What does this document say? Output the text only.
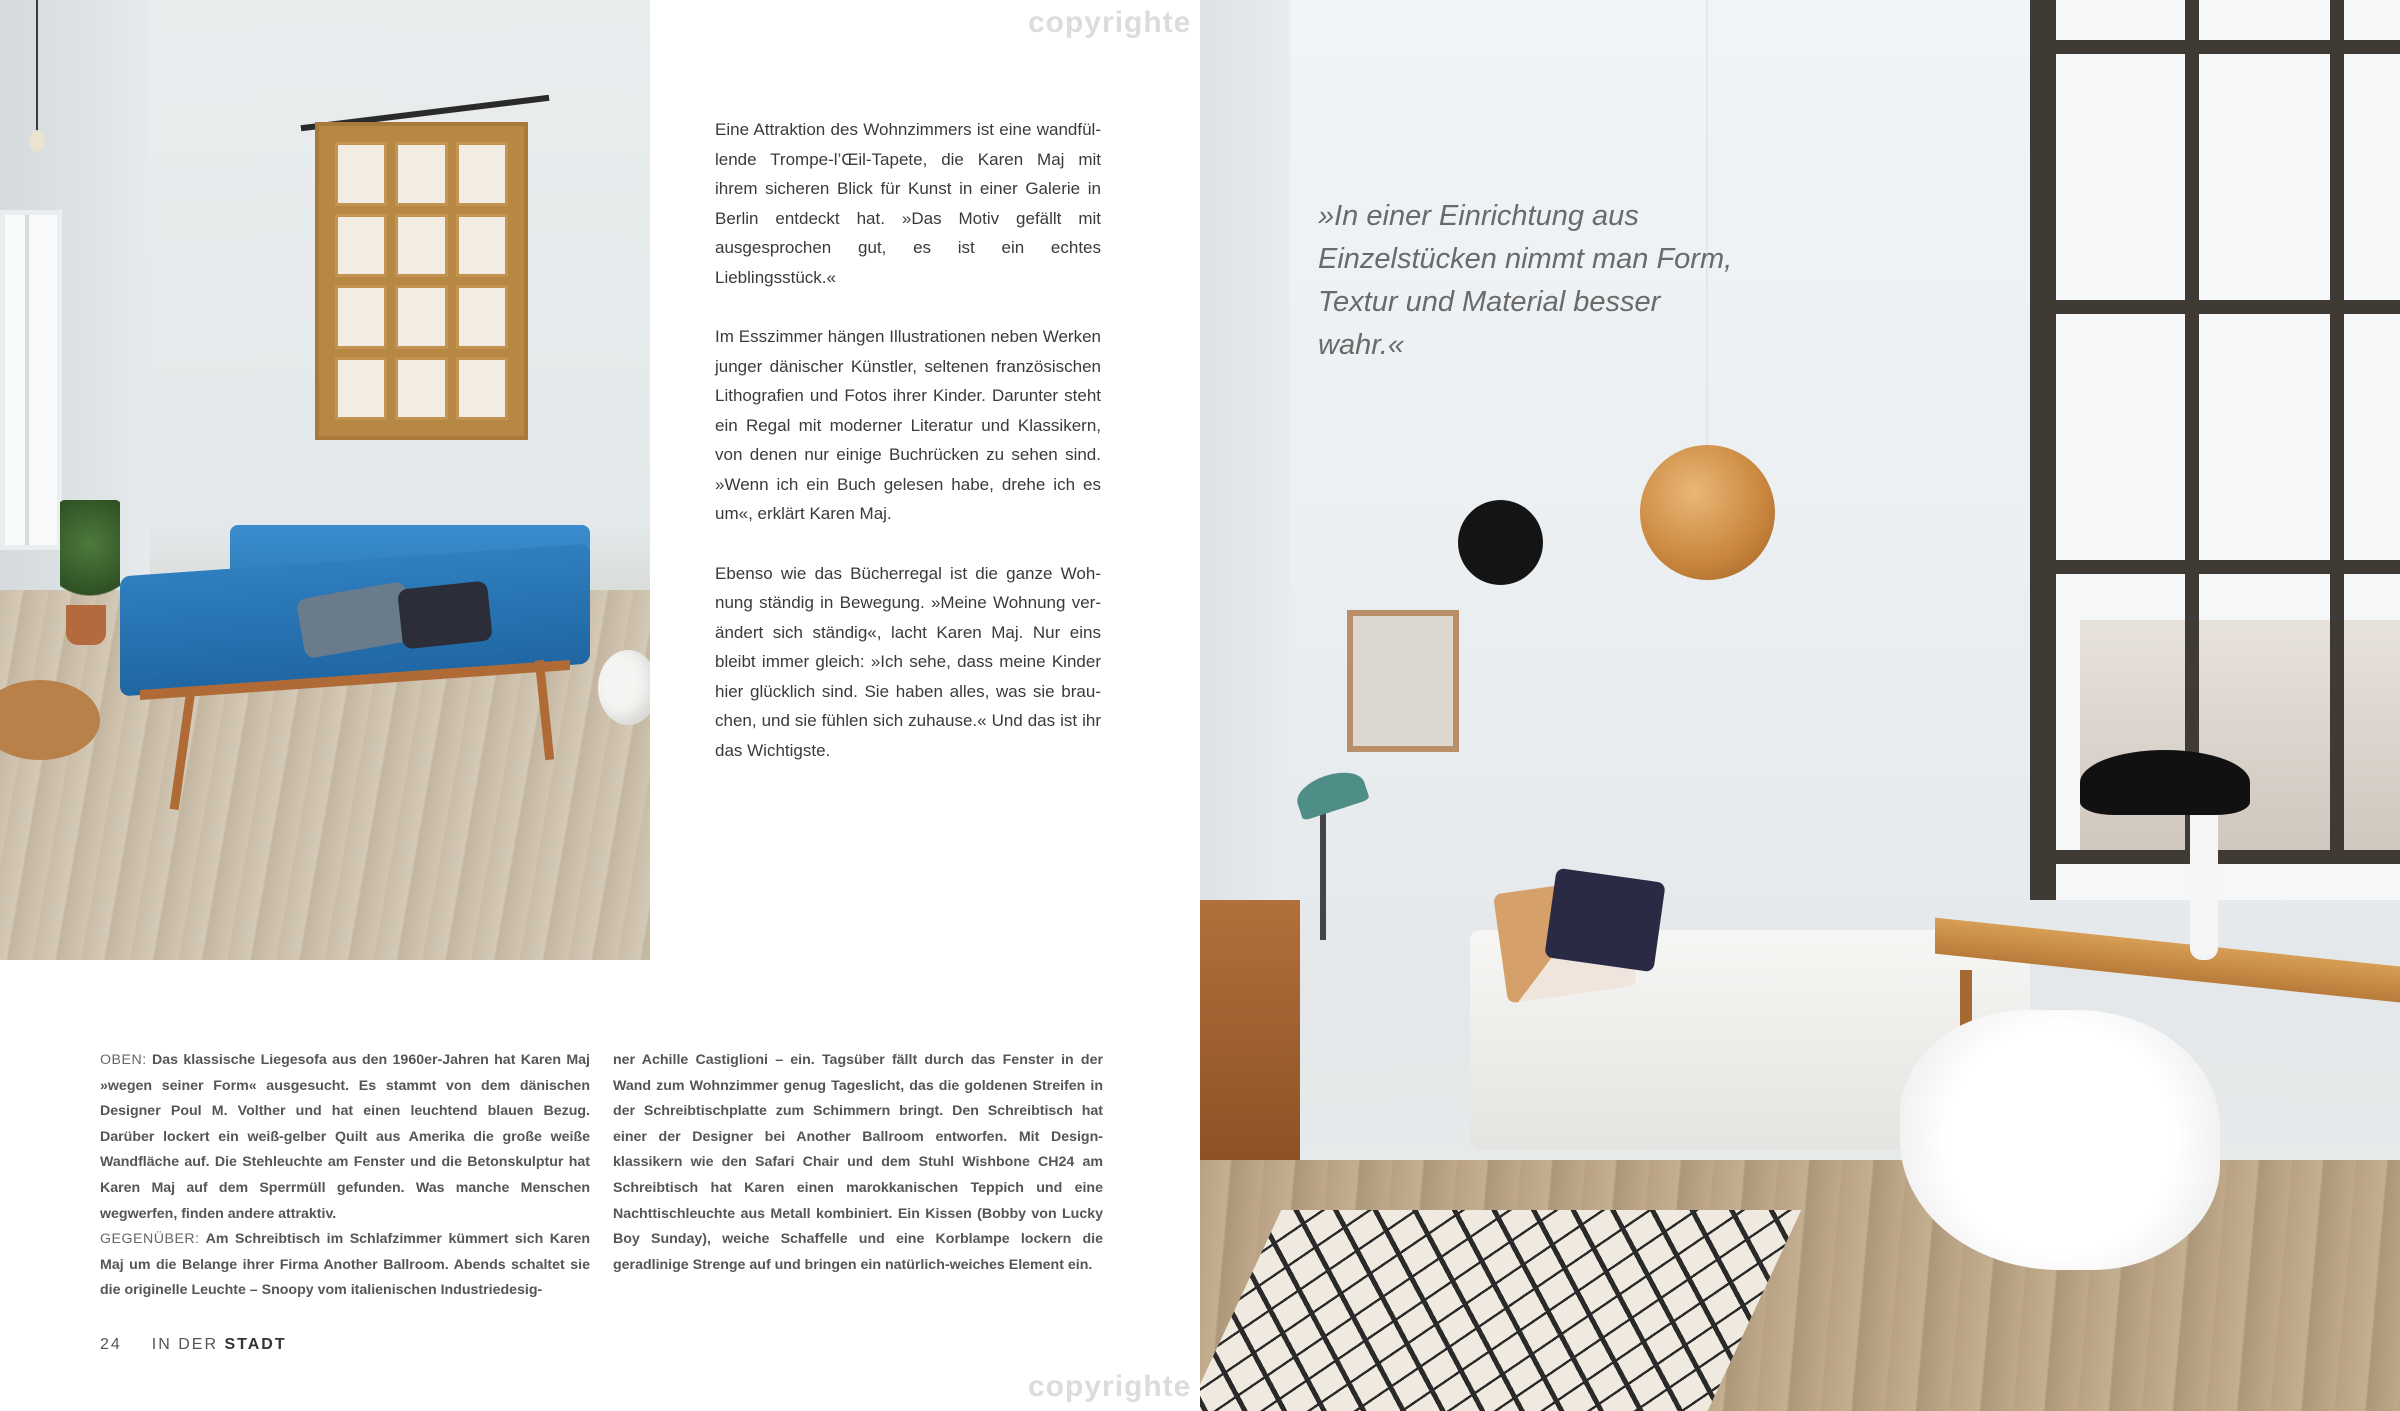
Eine Attraktion des Wohnzimmers ist eine wandfüllende Trompe-l’Œil-Tapete, die Karen Maj mit ihrem sicheren Blick für Kunst in einer Galerie in Berlin entdeckt hat. »Das Motiv gefällt mit ausgesprochen gut, es ist ein echtes Lieblingsstück.«

Im Esszimmer hängen Illustrationen neben Werken junger dänischer Künstler, seltenen französischen Lithografien und Fotos ihrer Kinder. Darunter steht ein Regal mit moderner Literatur und Klassikern, von denen nur einige Buchrücken zu sehen sind. »Wenn ich ein Buch gelesen habe, drehe ich es um«, erklärt Karen Maj.

Ebenso wie das Bücherregal ist die ganze Wohnung ständig in Bewegung. »Meine Wohnung verändert sich ständig«, lacht Karen Maj. Nur eins bleibt immer gleich: »Ich sehe, dass meine Kinder hier glücklich sind. Sie haben alles, was sie brauchen, und sie fühlen sich zuhause.« Und das ist ihr das Wichtigste.

OBEN: Das klassische Liegesofa aus den 1960er-Jahren hat Karen Maj »wegen seiner Form« ausgesucht. Es stammt von dem dänischen Designer Poul M. Volther und hat einen leuchtend blauen Bezug. Darüber lockert ein weiß-gelber Quilt aus Amerika die große weiße Wandfläche auf. Die Stehleuchte am Fenster und die Betonskulptur hat Karen Maj auf dem Sperrmüll gefunden. Was manche Menschen wegwerfen, finden andere attraktiv.

GEGENÜBER: Am Schreibtisch im Schlafzimmer kümmert sich Karen Maj um die Belange ihrer Firma Another Ballroom. Abends schaltet sie die originelle Leuchte – Snoopy vom italienischen Industriedesig-

ner Achille Castiglioni – ein. Tagsüber fällt durch das Fenster in der Wand zum Wohnzimmer genug Tageslicht, das die goldenen Streifen in der Schreibtischplatte zum Schimmern bringt. Den Schreibtisch hat einer der Designer bei Another Ballroom entworfen. Mit Designklassikern wie den Safari Chair und dem Stuhl Wishbone CH24 am Schreibtisch hat Karen einen marokkanischen Teppich und eine Nachttischleuchte aus Metall kombiniert. Ein Kissen (Bobby von Lucky Boy Sunday), weiche Schaffelle und eine Korblampe lockern die geradlinige Strenge auf und bringen ein natürlich-weiches Element ein.

24 IN DER STADT
copyrighte
copyrighte
»In einer Einrichtung aus Einzelstücken nimmt man Form, Textur und Material besser wahr.«
